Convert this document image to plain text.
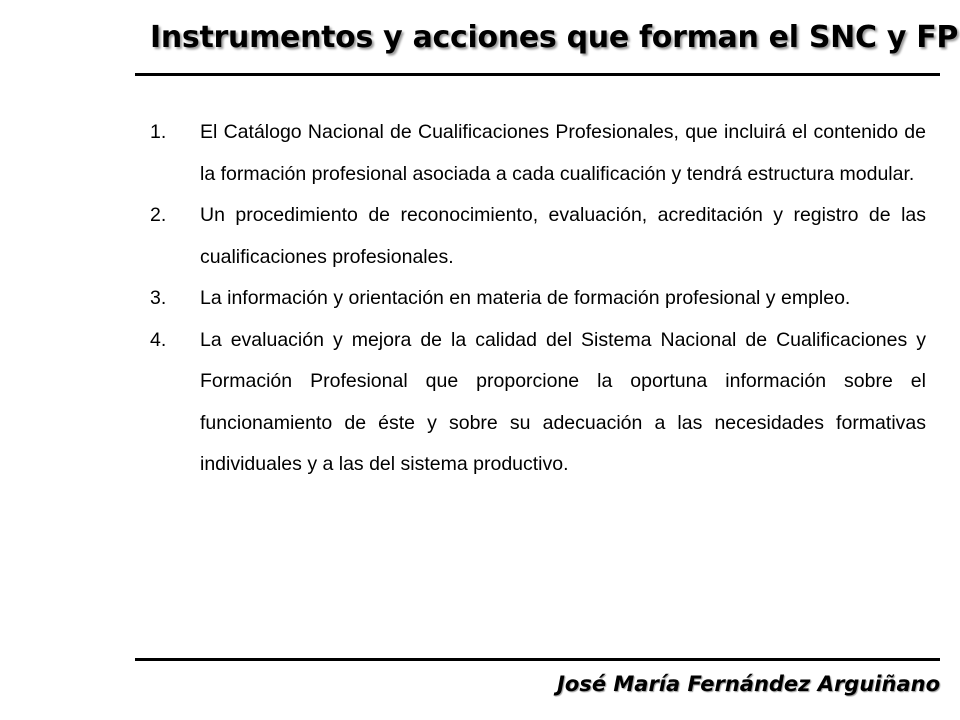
Instrumentos y acciones que forman el SNC y FP
1.	El Catálogo Nacional de Cualificaciones Profesionales, que incluirá el contenido de la formación profesional asociada a cada cualificación y tendrá estructura modular.
2.	Un procedimiento de reconocimiento, evaluación, acreditación y registro de las cualificaciones profesionales.
3.	La información y orientación en materia de formación profesional y empleo.
4.	La evaluación y mejora de la calidad del Sistema Nacional de Cualificaciones y Formación Profesional que proporcione la oportuna información sobre el funcionamiento de éste y sobre su adecuación a las necesidades formativas individuales y a las del sistema productivo.
José María Fernández Arguiñano
